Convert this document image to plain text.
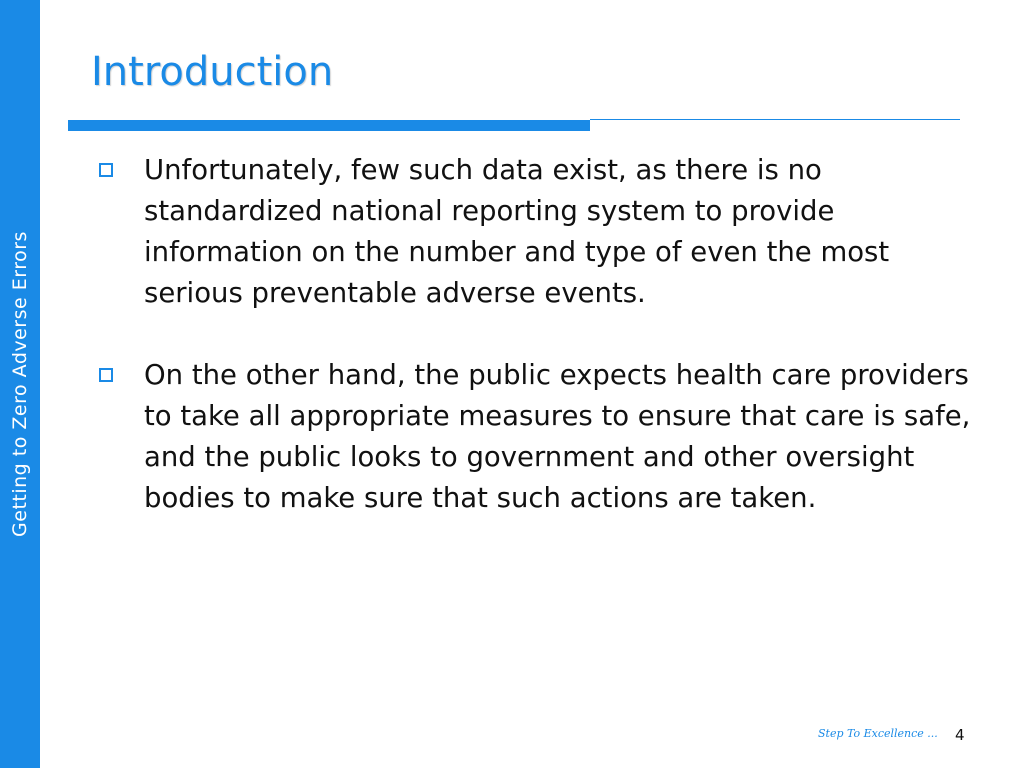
Getting to Zero Adverse Errors
Introduction
Unfortunately, few such data exist, as there is no standardized national reporting system to provide information on the number and type of even the most serious preventable adverse events.
On the other hand, the public expects health care providers to take all appropriate measures to ensure that care is safe, and the public looks to government and other oversight bodies to make sure that such actions are taken.
Step To Excellence ... 4
